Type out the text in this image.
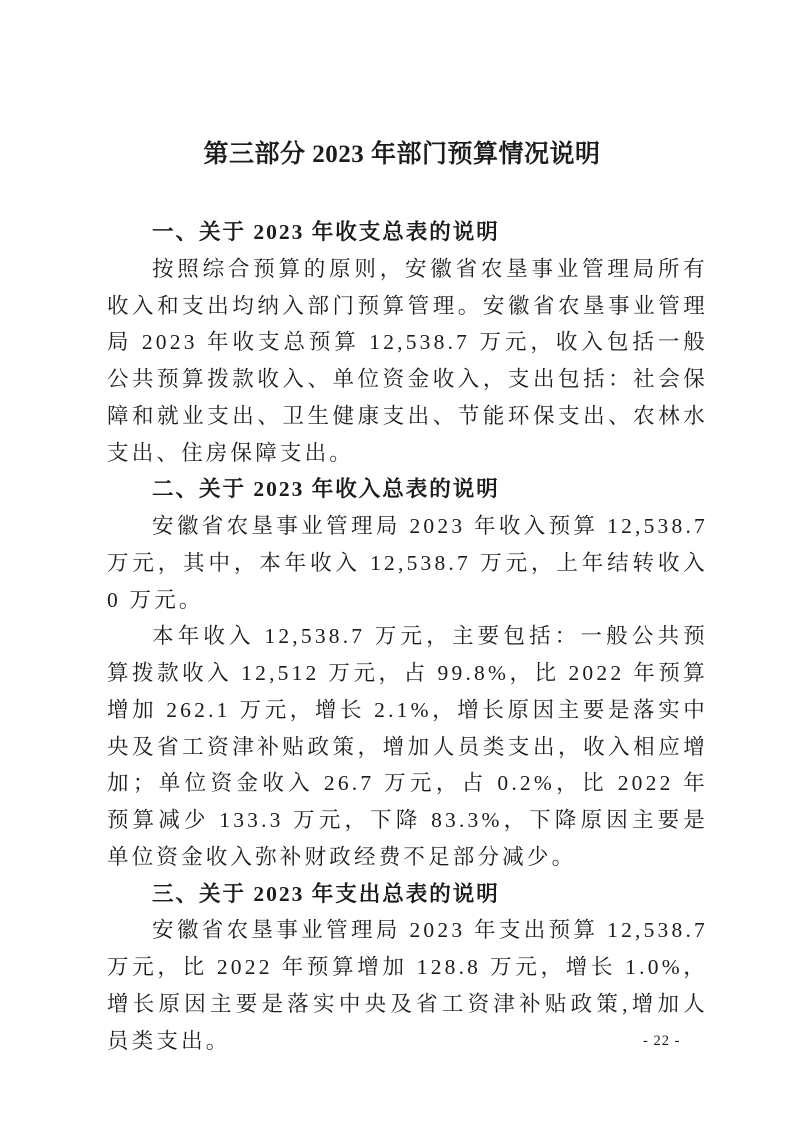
第三部分 2023 年部门预算情况说明
一、关于 2023 年收支总表的说明

按照综合预算的原则，安徽省农垦事业管理局所有收入和支出均纳入部门预算管理。安徽省农垦事业管理局 2023 年收支总预算 12,538.7 万元，收入包括一般公共预算拨款收入、单位资金收入，支出包括：社会保障和就业支出、卫生健康支出、节能环保支出、农林水支出、住房保障支出。

二、关于 2023 年收入总表的说明

安徽省农垦事业管理局 2023 年收入预算 12,538.7 万元，其中，本年收入 12,538.7 万元，上年结转收入 0 万元。

本年收入 12,538.7 万元，主要包括：一般公共预算拨款收入 12,512 万元，占 99.8%，比 2022 年预算增加 262.1 万元，增长 2.1%，增长原因主要是落实中央及省工资津补贴政策，增加人员类支出，收入相应增加；单位资金收入 26.7 万元，占 0.2%，比 2022 年预算减少 133.3 万元，下降 83.3%，下降原因主要是单位资金收入弥补财政经费不足部分减少。

三、关于 2023 年支出总表的说明

安徽省农垦事业管理局 2023 年支出预算 12,538.7 万元，比 2022 年预算增加 128.8 万元，增长 1.0%，增长原因主要是落实中央及省工资津补贴政策,增加人员类支出。	- 22 -
